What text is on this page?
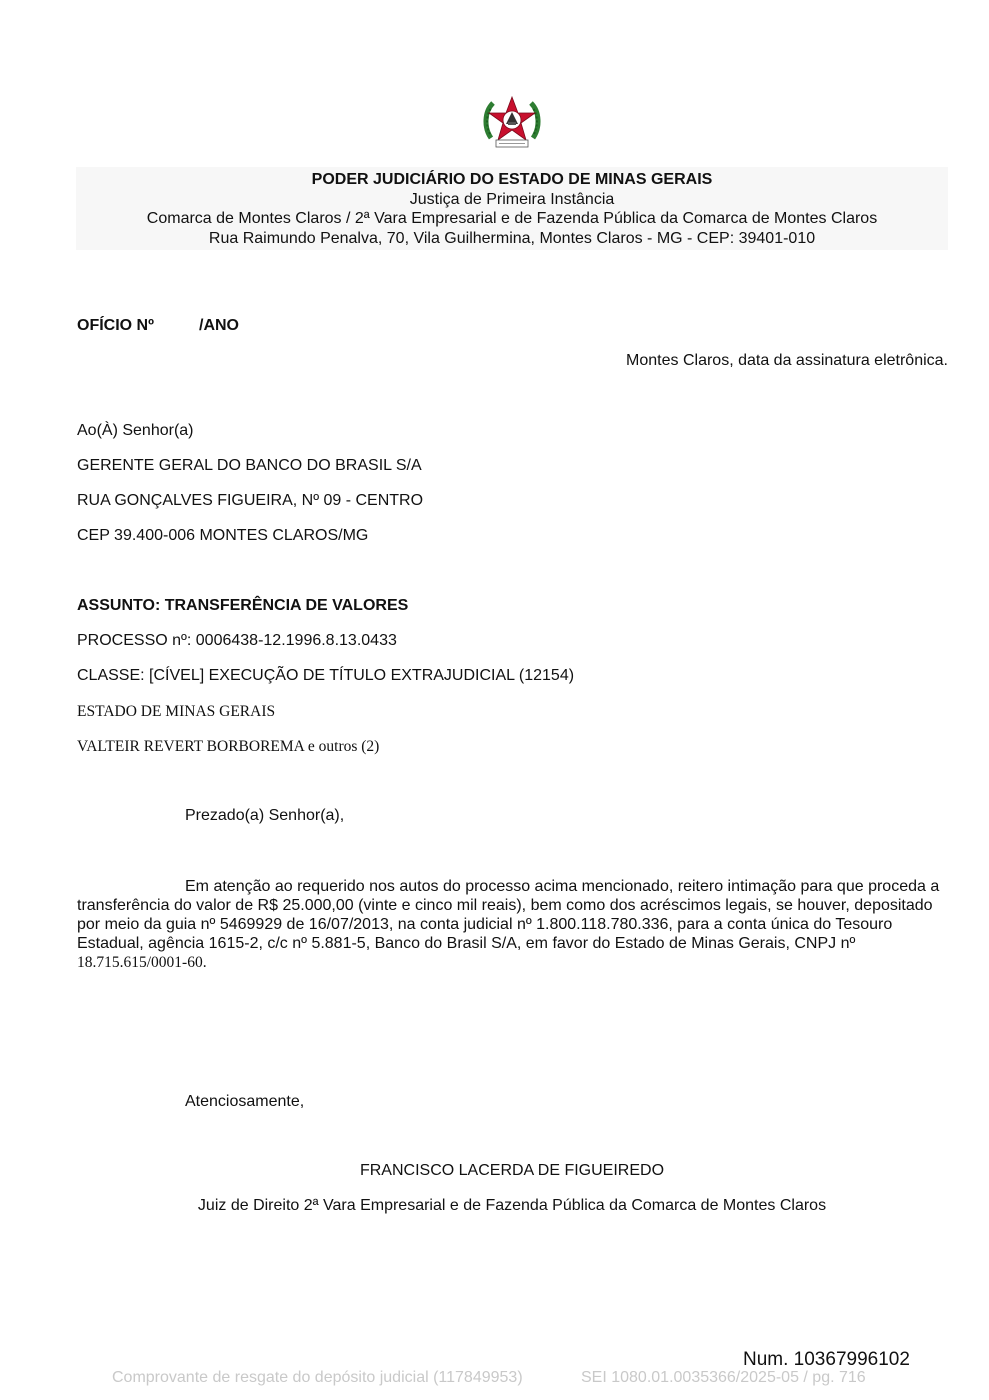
PODER JUDICIÁRIO DO ESTADO DE MINAS GERAIS
Justiça de Primeira Instância
Comarca de Montes Claros / 2ª Vara Empresarial e de Fazenda Pública da Comarca de Montes Claros
Rua Raimundo Penalva, 70, Vila Guilhermina, Montes Claros - MG - CEP: 39401-010
OFÍCIO Nº	/ANO
Montes Claros, data da assinatura eletrônica.
Ao(À) Senhor(a)
GERENTE GERAL DO BANCO DO BRASIL S/A
RUA GONÇALVES FIGUEIRA, Nº 09 - CENTRO
CEP 39.400-006 MONTES CLAROS/MG
ASSUNTO: TRANSFERÊNCIA DE VALORES
PROCESSO nº: 0006438-12.1996.8.13.0433
CLASSE: [CÍVEL] EXECUÇÃO DE TÍTULO EXTRAJUDICIAL (12154)
ESTADO DE MINAS GERAIS
VALTEIR REVERT BORBOREMA e outros (2)
Prezado(a) Senhor(a),
Em atenção ao requerido nos autos do processo acima mencionado, reitero intimação para que proceda a transferência do valor de R$ 25.000,00 (vinte e cinco mil reais), bem como dos acréscimos legais, se houver, depositado por meio da guia nº 5469929 de 16/07/2013, na conta judicial nº 1.800.118.780.336, para a conta única do Tesouro Estadual, agência 1615-2, c/c nº 5.881-5, Banco do Brasil S/A, em favor do Estado de Minas Gerais, CNPJ nº
18.715.615/0001-60.
Atenciosamente,
FRANCISCO LACERDA DE FIGUEIREDO
Juiz de Direito 2ª Vara Empresarial e de Fazenda Pública da Comarca de Montes Claros
Num. 10367996102
Comprovante de resgate do depósito judicial (117849953)	SEI 1080.01.0035366/2025-05 / pg. 716
